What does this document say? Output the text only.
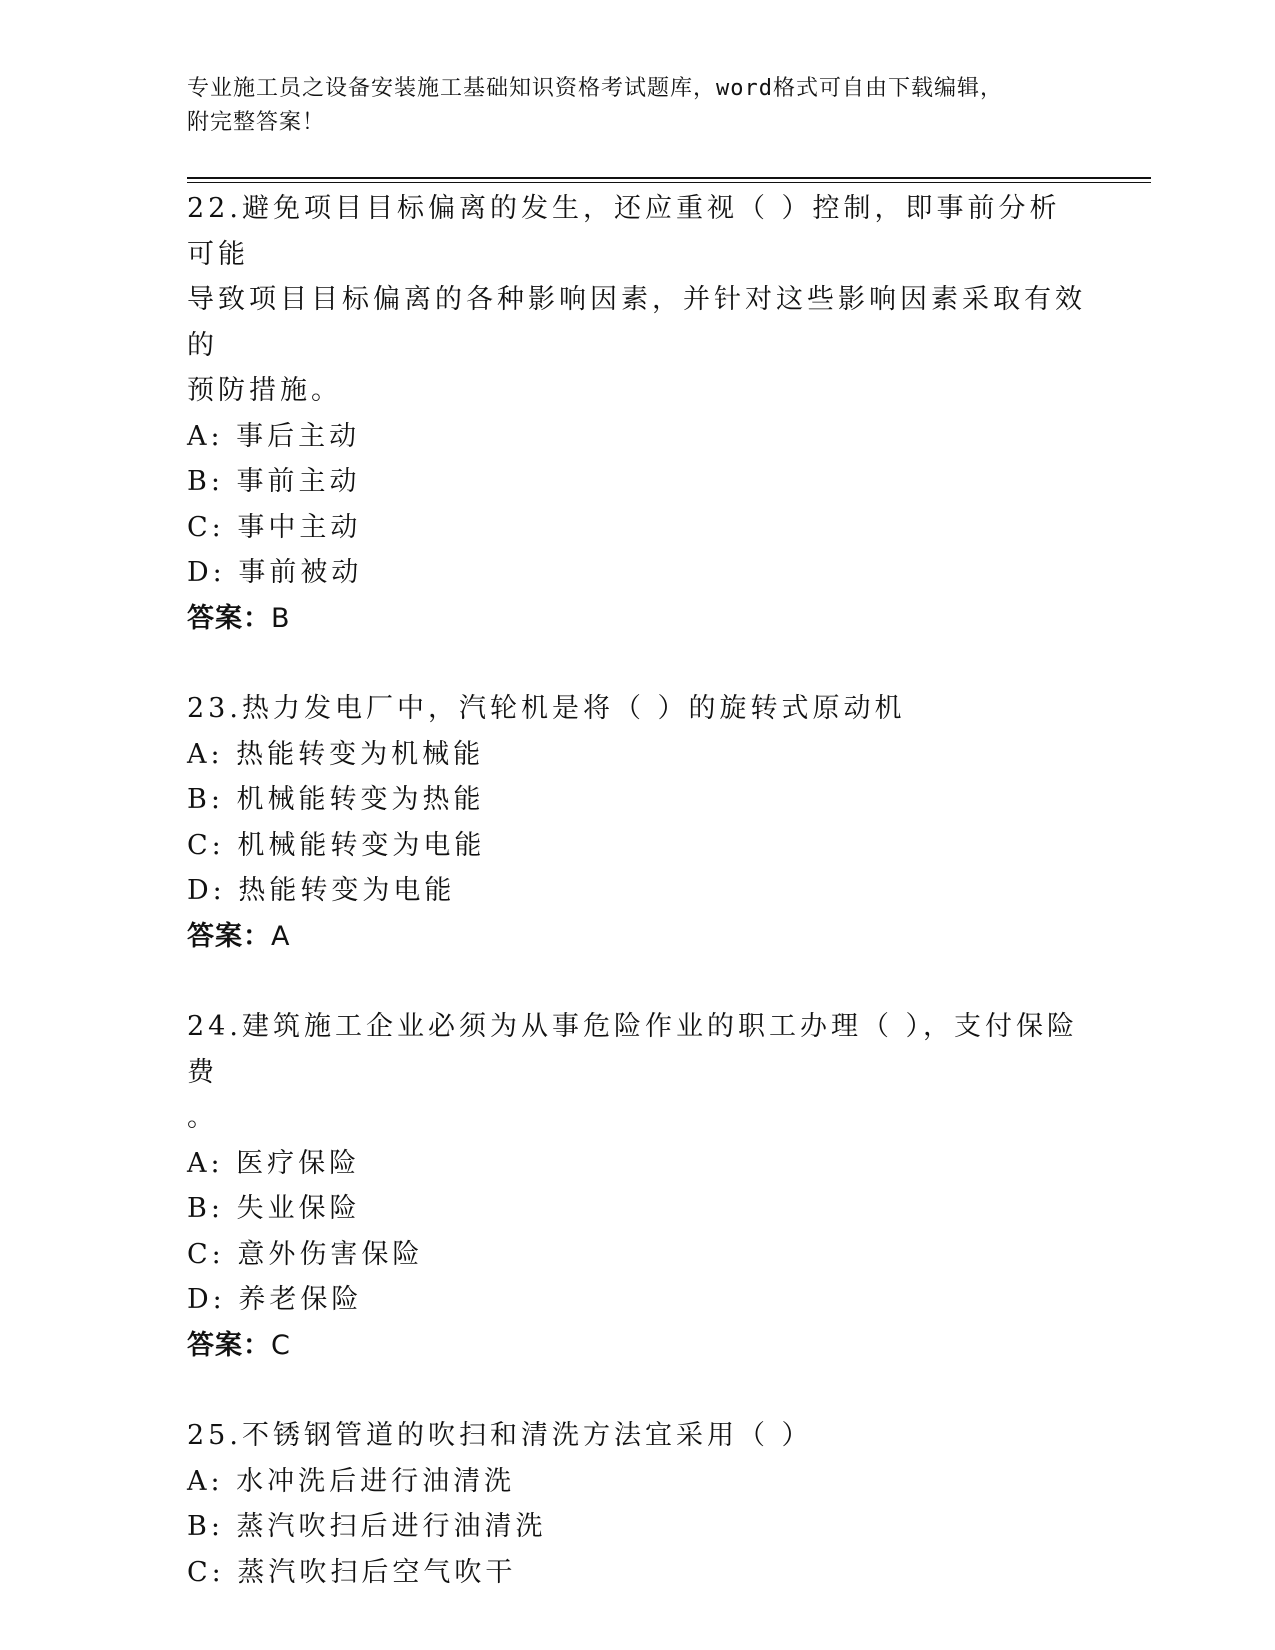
专业施工员之设备安装施工基础知识资格考试题库，word格式可自由下载编辑，
附完整答案！

22.避免项目目标偏离的发生，还应重视（ ）控制，即事前分析可能

导致项目目标偏离的各种影响因素，并针对这些影响因素采取有效的

预防措施。

A: 事后主动

B: 事前主动

C: 事中主动

D: 事前被动

答案：B

23.热力发电厂中，汽轮机是将（ ）的旋转式原动机

A: 热能转变为机械能

B: 机械能转变为热能

C: 机械能转变为电能

D: 热能转变为电能

答案：A

24.建筑施工企业必须为从事危险作业的职工办理（ ），支付保险费

。

A: 医疗保险

B: 失业保险

C: 意外伤害保险

D: 养老保险

答案：C

25.不锈钢管道的吹扫和清洗方法宜采用（ ）

A: 水冲洗后进行油清洗

B: 蒸汽吹扫后进行油清洗

C: 蒸汽吹扫后空气吹干
